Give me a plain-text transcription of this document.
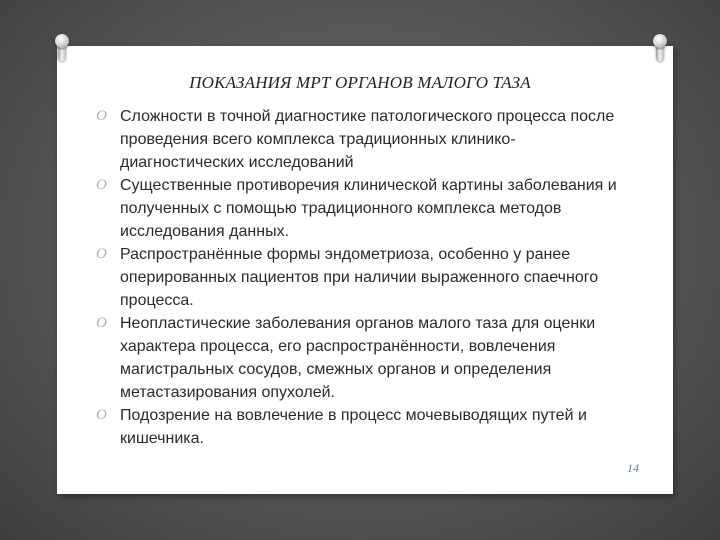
ПОКАЗАНИЯ МРТ ОРГАНОВ МАЛОГО ТАЗА
O Сложности в точной диагностике патологического процесса после проведения всего комплекса традиционных клинико-диагностических исследований
O Существенные противоречия клинической картины заболевания и полученных с помощью традиционного комплекса методов исследования данных.
O Распространённые формы эндометриоза, особенно у ранее оперированных пациентов при наличии выраженного спаечного процесса.
O Неопластические заболевания органов малого таза для оценки характера процесса, его распространённости, вовлечения магистральных сосудов, смежных органов и определения метастазирования опухолей.
O Подозрение на вовлечение в процесс мочевыводящих путей и кишечника.
14
